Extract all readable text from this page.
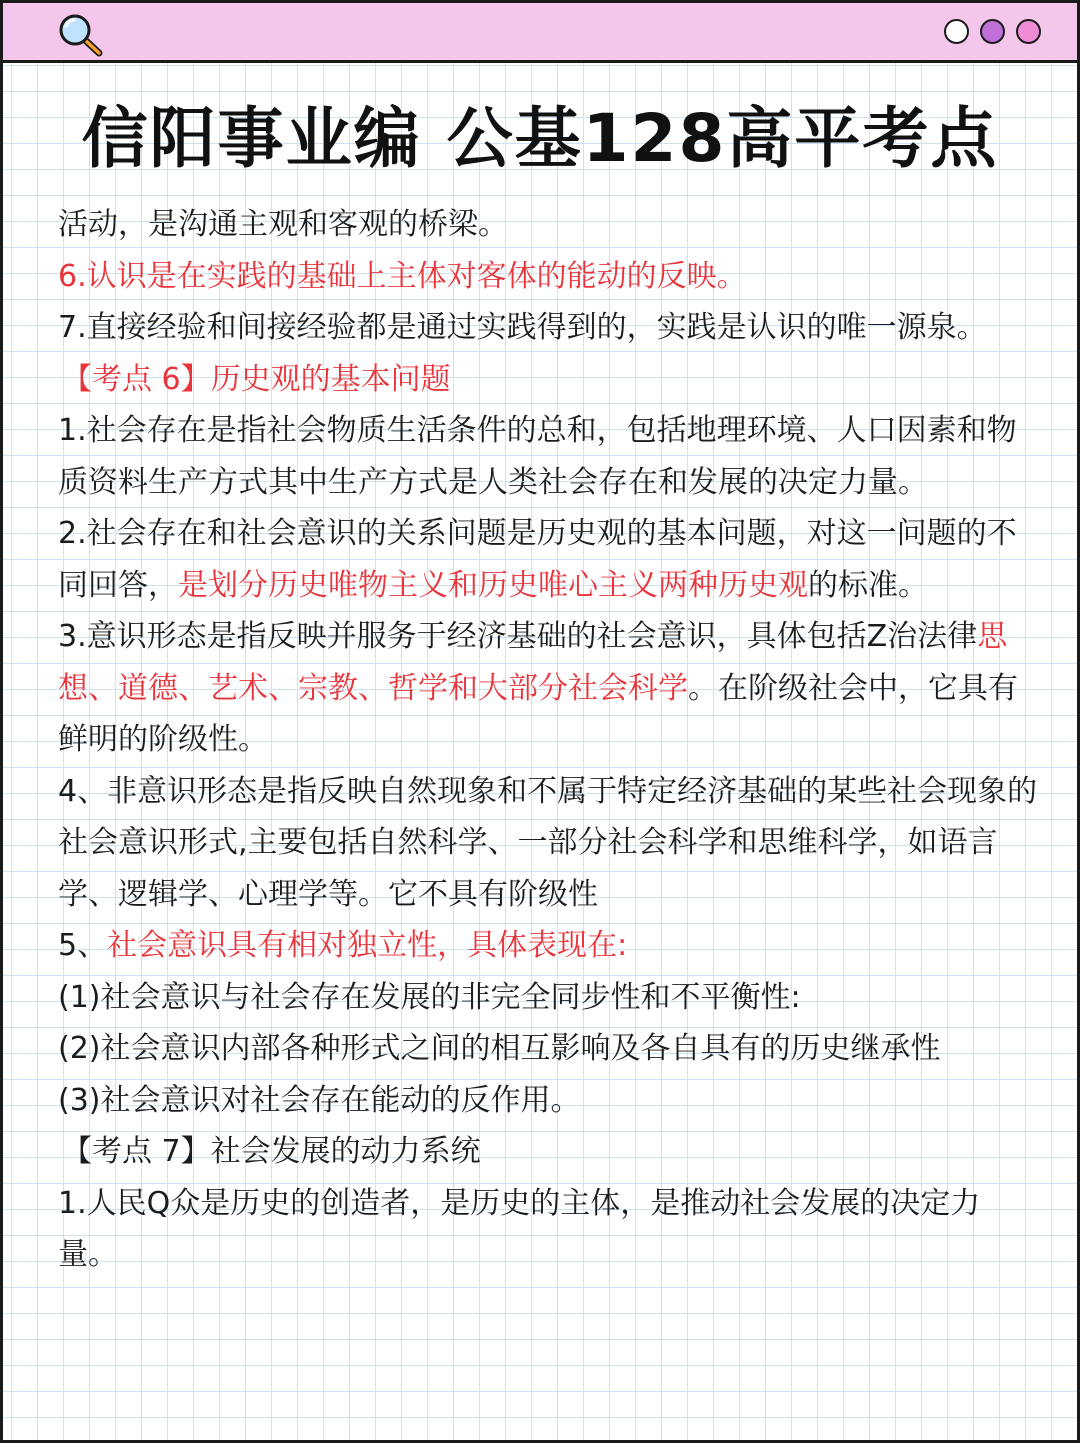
信阳事业编 公基128高平考点

活动，是沟通主观和客观的桥梁。

6.认识是在实践的基础上主体对客体的能动的反映。

7.直接经验和间接经验都是通过实践得到的，实践是认识的唯一源泉。

【考点 6】历史观的基本问题

1.社会存在是指社会物质生活条件的总和，包括地理环境、人口因素和物质资料生产方式其中生产方式是人类社会存在和发展的决定力量。

2.社会存在和社会意识的关系问题是历史观的基本问题，对这一问题的不同回答，是划分历史唯物主义和历史唯心主义两种历史观的标准。

3.意识形态是指反映并服务于经济基础的社会意识，具体包括Z治法律思想、道德、艺术、宗教、哲学和大部分社会科学。在阶级社会中，它具有鲜明的阶级性。

4、非意识形态是指反映自然现象和不属于特定经济基础的某些社会现象的社会意识形式,主要包括自然科学、一部分社会科学和思维科学，如语言学、逻辑学、心理学等。它不具有阶级性

5、社会意识具有相对独立性，具体表现在:

(1)社会意识与社会存在发展的非完全同步性和不平衡性:

(2)社会意识内部各种形式之间的相互影响及各自具有的历史继承性

(3)社会意识对社会存在能动的反作用。

【考点 7】社会发展的动力系统

1.人民Q众是历史的创造者，是历史的主体，是推动社会发展的决定力量。
